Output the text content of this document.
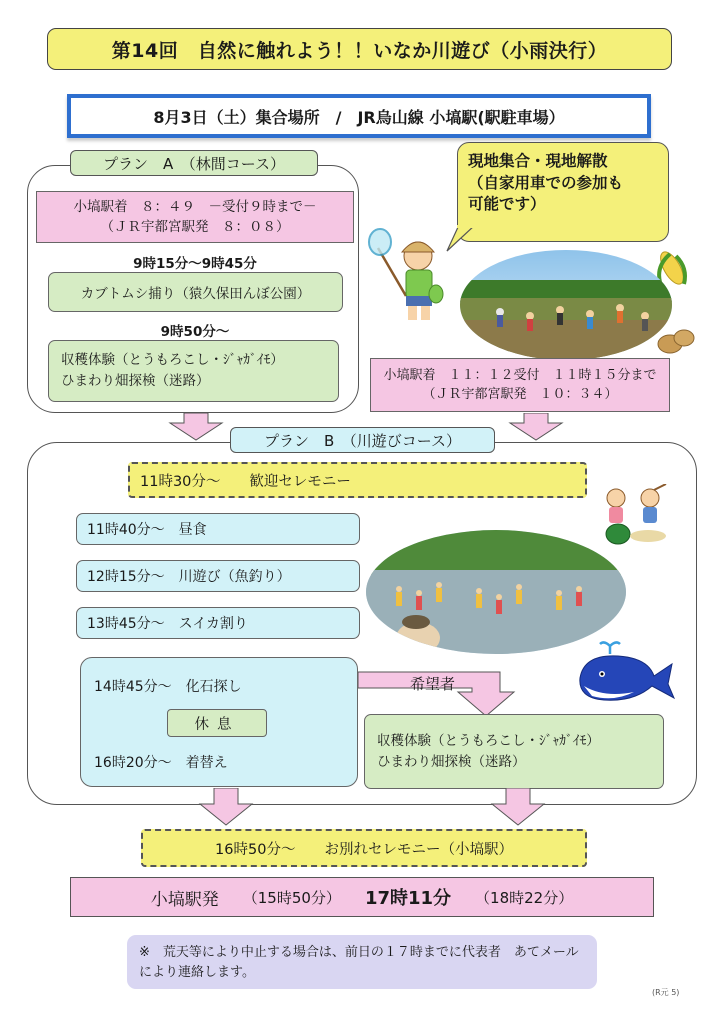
第14回　自然に触れよう！！いなか川遊び（小雨決行）
8月3日（土）集合場所　/　JR烏山線 小塙駅(駅駐車場）
プラン　A　（林間コース）
小塙駅着　８：４９　－受付９時まで－
（ＪＲ宇都宮駅発　８：０８）
9時15分～9時45分
カブトムシ捕り（猿久保田んぼ公園）
9時50分～
収穫体験（とうもろこし・ｼﾞｬｶﾞｲﾓ）
ひまわり畑探検（迷路）
現地集合・現地解散
（自家用車での参加も
可能です）
小塙駅着　１１：１２受付　１１時１５分まで
（ＪＲ宇都宮駅発　１０：３４）
プラン　B　（川遊びコース）
11時30分～　　歓迎セレモニー
11時40分～　昼食
12時15分～　川遊び（魚釣り）
13時45分～　スイカ割り
14時45分～　化石探し
休息
16時20分～　着替え
希望者
収穫体験（とうもろこし・ｼﾞｬｶﾞｲﾓ）
ひまわり畑探検（迷路）
16時50分～　　お別れセレモニー（小塙駅）
小塙駅発 （15時50分） 17時11分 （18時22分）
※　荒天等により中止する場合は、前日の１７時までに代表者　あてメールにより連絡します。
(R元 5)
